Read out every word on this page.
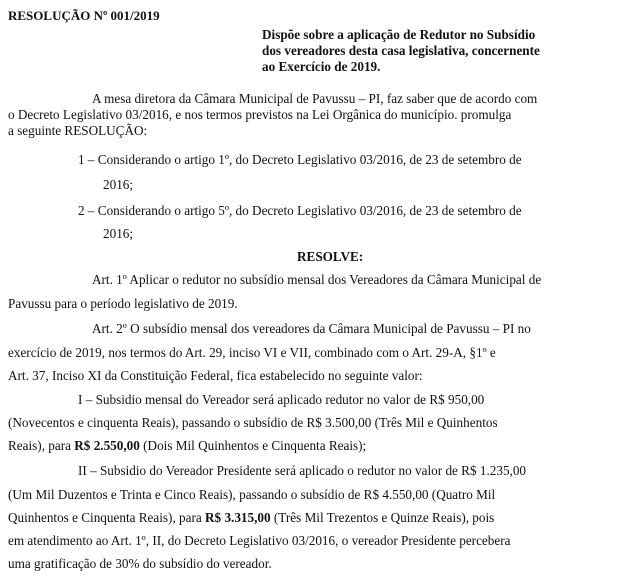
RESOLUÇÃO Nº 001/2019
Dispõe sobre a aplicação de Redutor no Subsídio
dos vereadores desta casa legislativa, concernente
ao Exercício de 2019.
A mesa diretora da Câmara Municipal de Pavussu – PI, faz saber que de acordo com
o Decreto Legislativo 03/2016, e nos termos previstos na Lei Orgânica do município. promulga
a seguinte RESOLUÇÃO:
1 – Considerando o artigo 1º, do Decreto Legislativo 03/2016, de 23 de setembro de
2016;
2 – Considerando o artigo 5º, do Decreto Legislativo 03/2016, de 23 de setembro de
2016;
RESOLVE:
Art. 1º Aplicar o redutor no subsídio mensal dos Vereadores da Câmara Municipal de
Pavussu para o período legislativo de 2019.
Art. 2º O subsídio mensal dos vereadores da Câmara Municipal de Pavussu – PI no
exercício de 2019, nos termos do Art. 29, inciso VI e VII, combinado com o Art. 29-A, §1º e
Art. 37, Inciso XI da Constituição Federal, fica estabelecido no seguinte valor:
I – Subsidio mensal do Vereador será aplicado redutor no valor de R$ 950,00
(Novecentos e cinquenta Reais), passando o subsídio de R$ 3.500,00 (Três Mil e Quinhentos
Reais), para R$ 2.550,00 (Dois Mil Quinhentos e Cinquenta Reais);
II – Subsidio do Vereador Presidente será aplicado o redutor no valor de R$ 1.235,00
(Um Mil Duzentos e Trinta e Cinco Reais), passando o subsídio de R$ 4.550,00 (Quatro Mil
Quinhentos e Cinquenta Reais), para R$ 3.315,00 (Três Mil Trezentos e Quinze Reais), pois
em atendimento ao Art. 1º, II, do Decreto Legislativo 03/2016, o vereador Presidente percebera
uma gratificação de 30% do subsídio do vereador.
